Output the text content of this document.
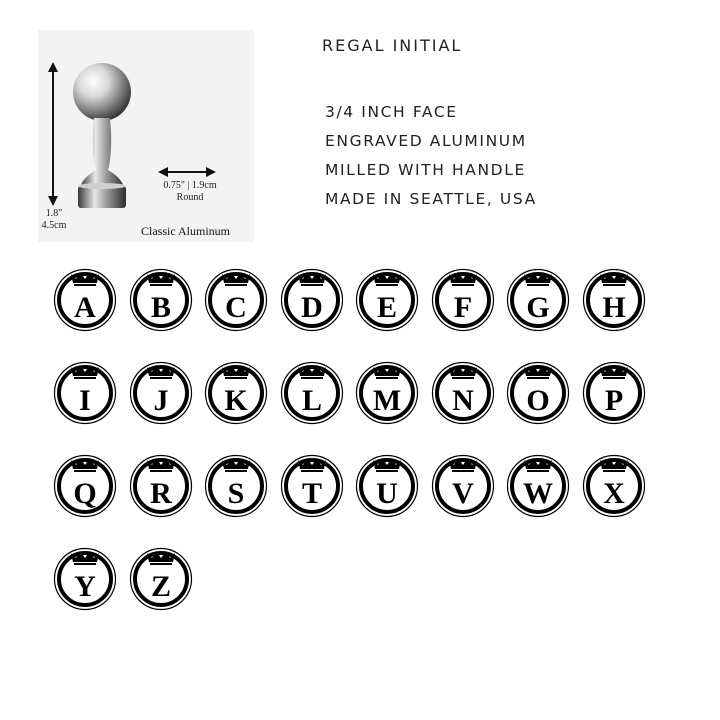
0.75" | 1.9cm
Round
1.8"
4.5cm	Classic Aluminum
REGAL INITIAL
3/4 INCH FACE
ENGRAVED ALUMINUM
MILLED WITH HANDLE
MADE IN SEATTLE, USA
A	B	C	D	E	F	G	H
I	J	K	L	M	N	O	P
Q	R	S	T	U	V	W	X
Y	Z
